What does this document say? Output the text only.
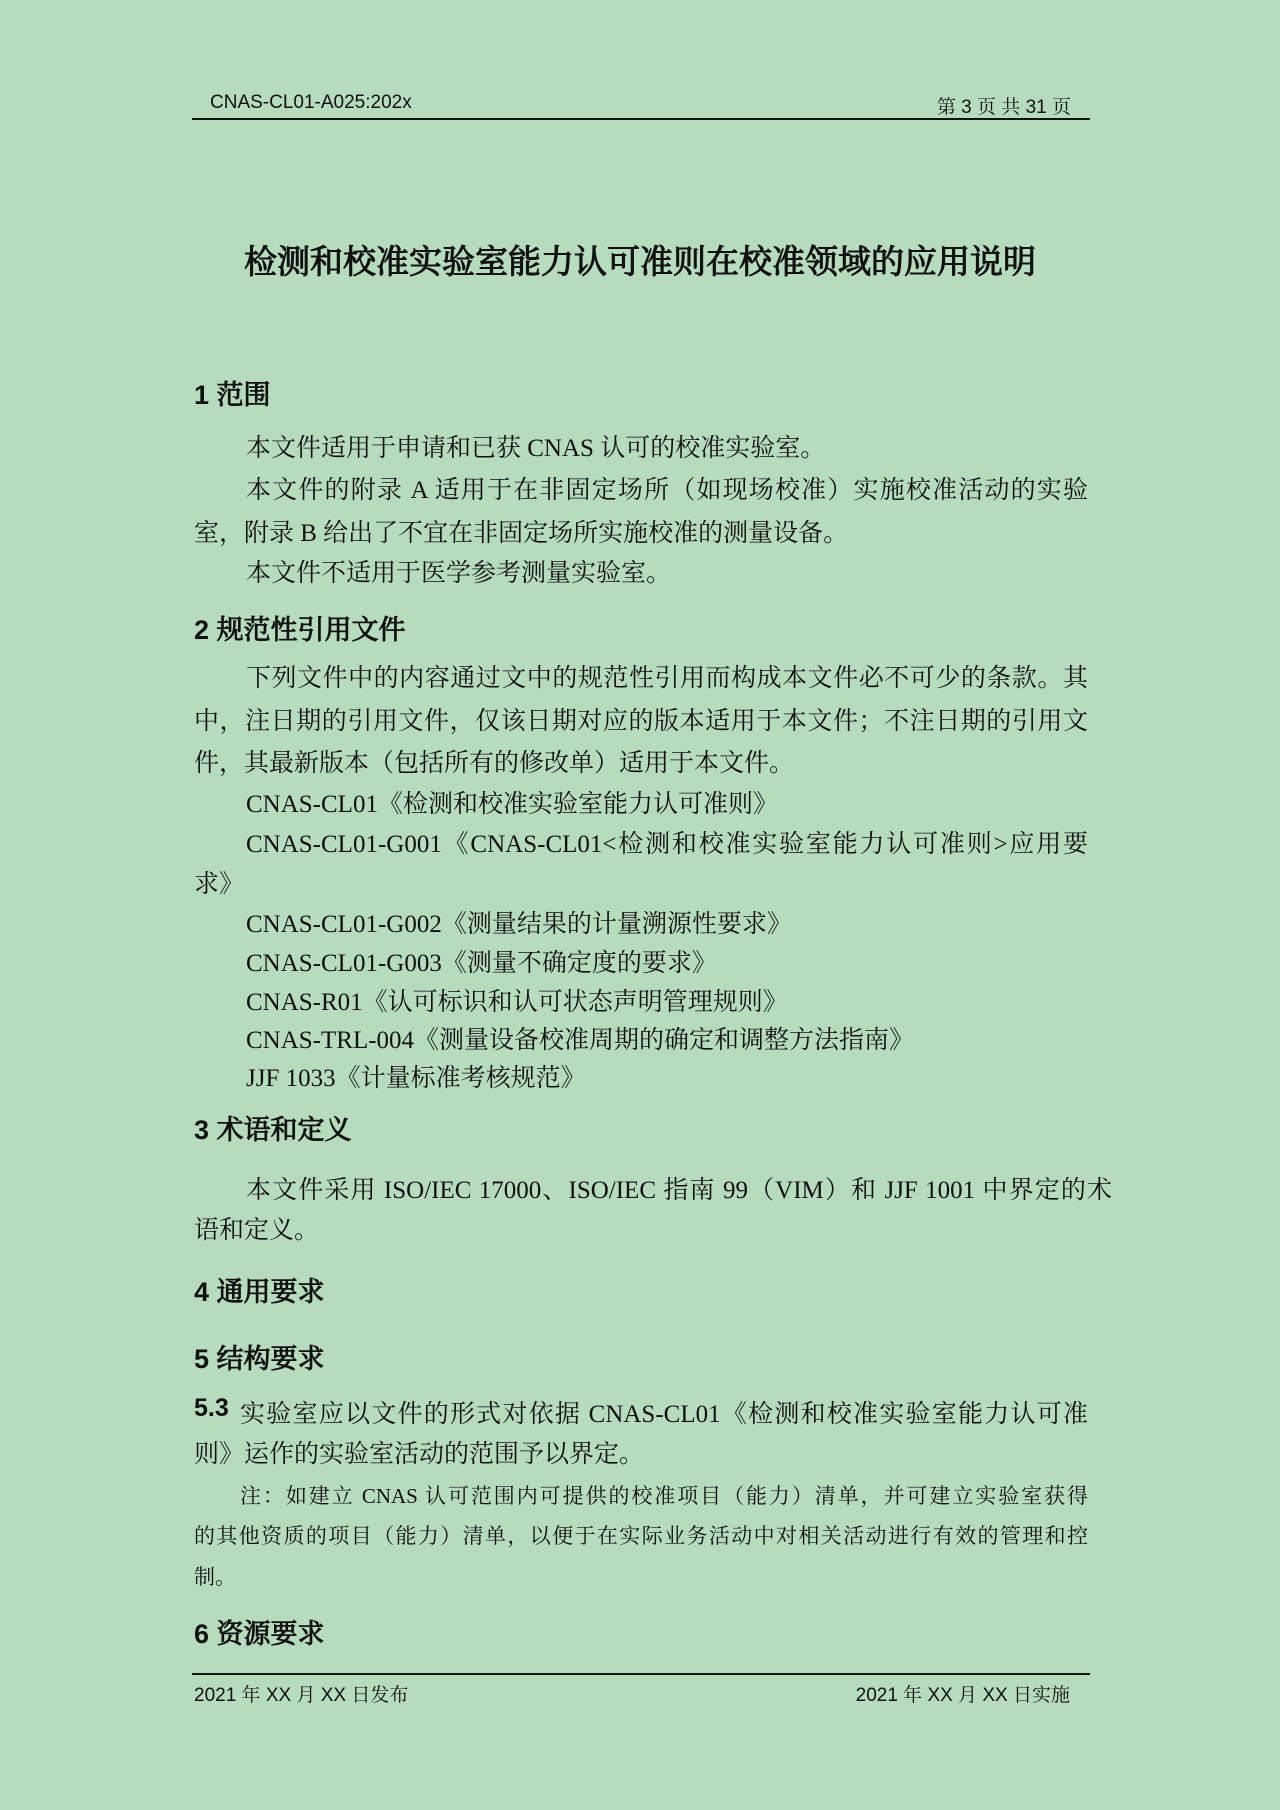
CNAS-CL01-A025:202x	第 3 页 共 31 页
检测和校准实验室能力认可准则在校准领域的应用说明
1 范围
本文件适用于申请和已获 CNAS 认可的校准实验室。
本文件的附录 A 适用于在非固定场所（如现场校准）实施校准活动的实验
室，附录 B 给出了不宜在非固定场所实施校准的测量设备。
本文件不适用于医学参考测量实验室。
2 规范性引用文件
下列文件中的内容通过文中的规范性引用而构成本文件必不可少的条款。其
中，注日期的引用文件，仅该日期对应的版本适用于本文件；不注日期的引用文
件，其最新版本（包括所有的修改单）适用于本文件。
CNAS-CL01《检测和校准实验室能力认可准则》
CNAS-CL01-G001《CNAS-CL01<检测和校准实验室能力认可准则>应用要
求》
CNAS-CL01-G002《测量结果的计量溯源性要求》
CNAS-CL01-G003《测量不确定度的要求》
CNAS-R01《认可标识和认可状态声明管理规则》
CNAS-TRL-004《测量设备校准周期的确定和调整方法指南》
JJF 1033《计量标准考核规范》
3 术语和定义
本文件采用 ISO/IEC 17000、ISO/IEC 指南 99（VIM）和 JJF 1001 中界定的术
语和定义。
4 通用要求
5 结构要求
5.3 实验室应以文件的形式对依据 CNAS-CL01《检测和校准实验室能力认可准
则》运作的实验室活动的范围予以界定。
注：如建立 CNAS 认可范围内可提供的校准项目（能力）清单，并可建立实验室获得
的其他资质的项目（能力）清单，以便于在实际业务活动中对相关活动进行有效的管理和控
制。
6 资源要求
2021 年 XX 月 XX 日发布	2021 年 XX 月 XX 日实施
